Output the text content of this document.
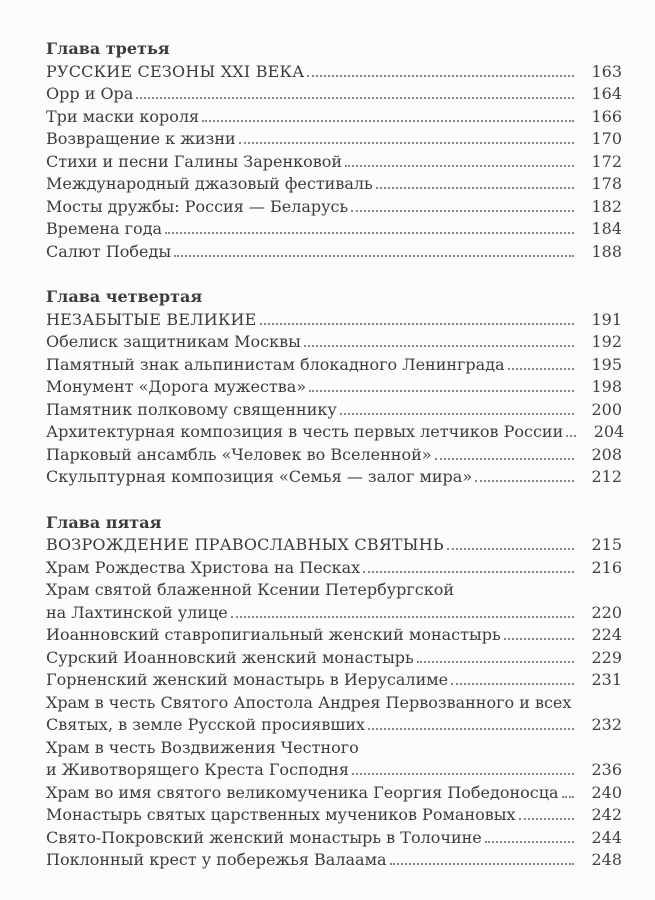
Глава третья
РУССКИЕ СЕЗОНЫ XXI ВЕКА	163
Орр и Ора	164
Три маски короля	166
Возвращение к жизни	170
Стихи и песни Галины Заренковой	172
Международный джазовый фестиваль	178
Мосты дружбы: Россия — Беларусь	182
Времена года	184
Салют Победы	188
Глава четвертая
НЕЗАБЫТЫЕ ВЕЛИКИЕ	191
Обелиск защитникам Москвы	192
Памятный знак альпинистам блокадного Ленинграда	195
Монумент «Дорога мужества»	198
Памятник полковому священнику	200
Архитектурная композиция в честь первых летчиков России	204
Парковый ансамбль «Человек во Вселенной»	208
Скульптурная композиция «Семья — залог мира»	212
Глава пятая
ВОЗРОЖДЕНИЕ ПРАВОСЛАВНЫХ СВЯТЫНЬ	215
Храм Рождества Христова на Песках	216
Храм святой блаженной Ксении Петербургской
на Лахтинской улице	220
Иоанновский ставропигиальный женский монастырь	224
Сурский Иоанновский женский монастырь	229
Горненский женский монастырь в Иерусалиме	231
Храм в честь Святого Апостола Андрея Первозванного и всех
Святых, в земле Русской просиявших	232
Храм в честь Воздвижения Честного
и Животворящего Креста Господня	236
Храм во имя святого великомученика Георгия Победоносца	240
Монастырь святых царственных мучеников Романовых	242
Свято-Покровский женский монастырь в Толочине	244
Поклонный крест у побережья Валаама	248
